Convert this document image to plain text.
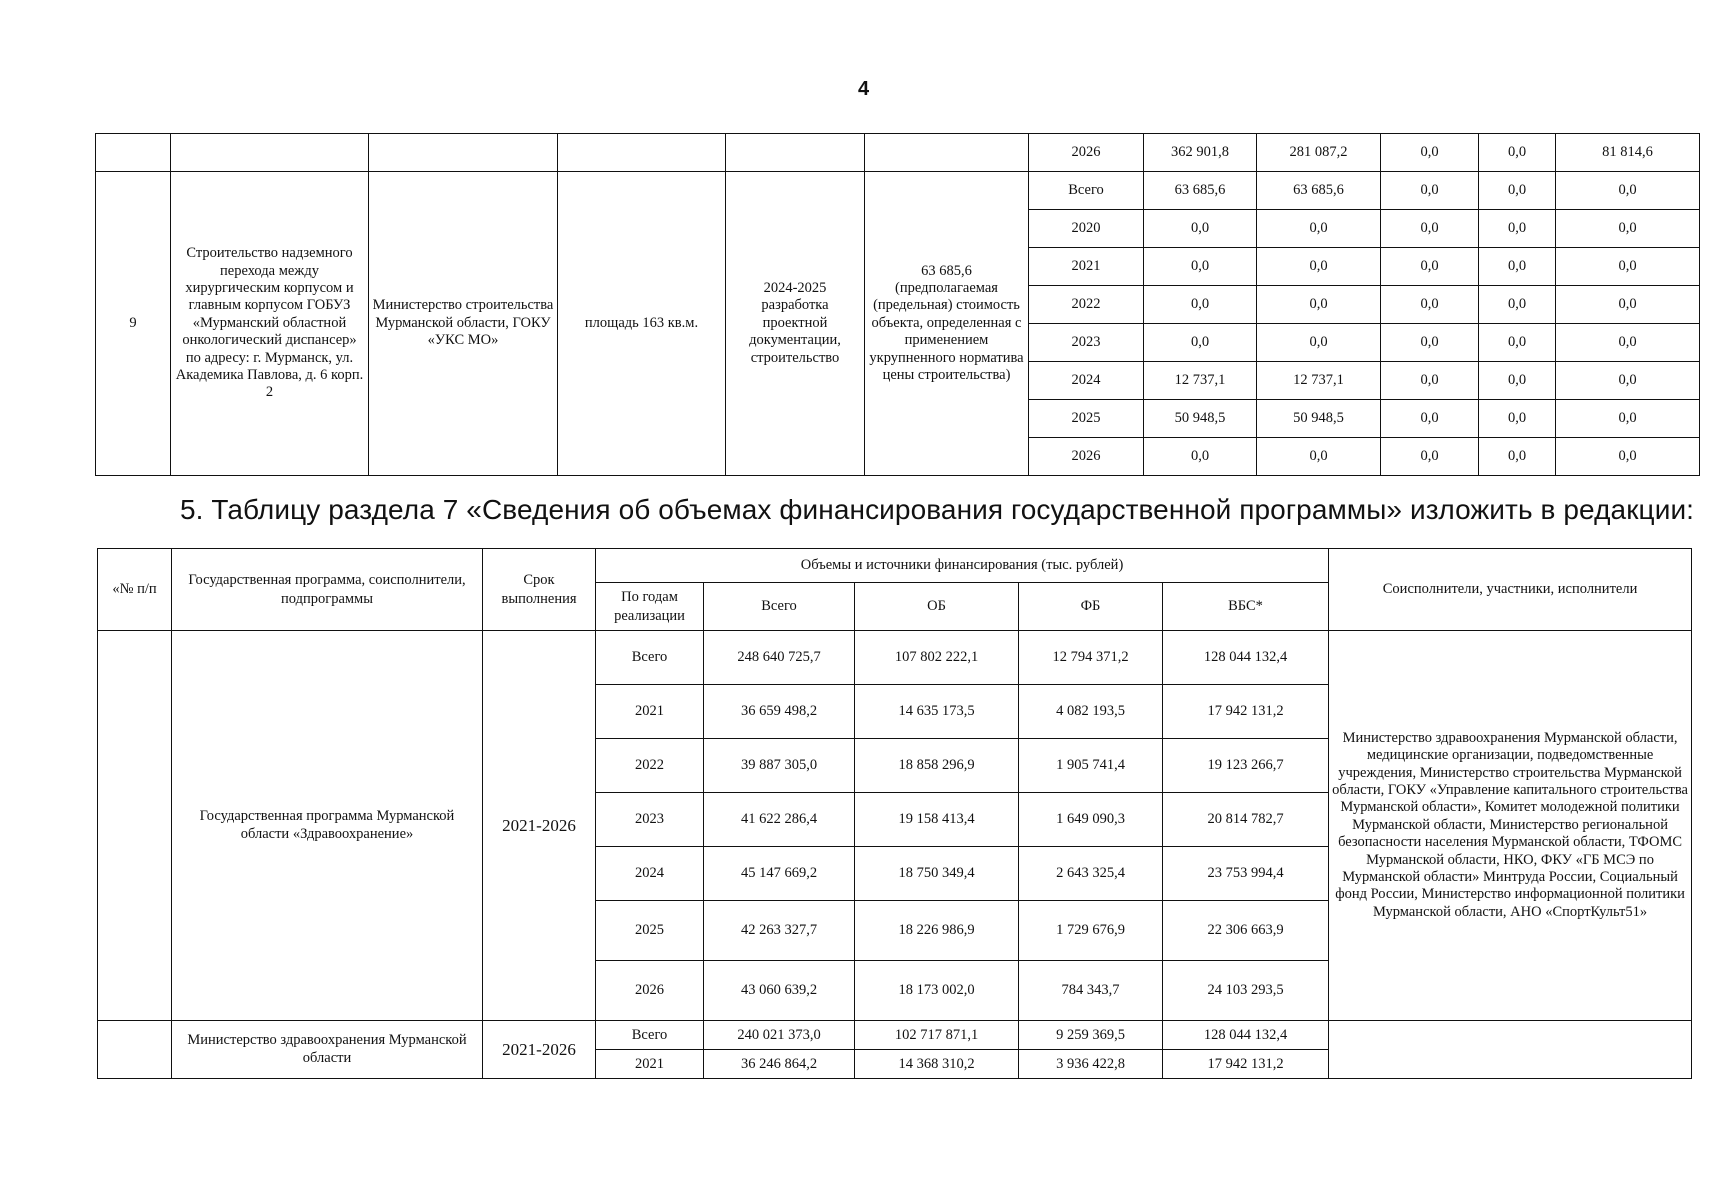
4
						2026	362 901,8	281 087,2	0,0	0,0	81 814,6
9	Строительство надземного перехода между хирургическим корпусом и главным корпусом ГОБУЗ «Мурманский областной онкологический диспансер» по адресу: г. Мурманск, ул. Академика Павлова, д. 6 корп. 2	Министерство строительства Мурманской области, ГОКУ «УКС МО»	площадь 163 кв.м.	2024-2025 разработка проектной документации, строительство	63 685,6 (предполагаемая (предельная) стоимость объекта, определенная с применением укрупненного норматива цены строительства)	Всего	63 685,6	63 685,6	0,0	0,0	0,0
						2020	0,0	0,0	0,0	0,0	0,0
						2021	0,0	0,0	0,0	0,0	0,0
						2022	0,0	0,0	0,0	0,0	0,0
						2023	0,0	0,0	0,0	0,0	0,0
						2024	12 737,1	12 737,1	0,0	0,0	0,0
						2025	50 948,5	50 948,5	0,0	0,0	0,0
						2026	0,0	0,0	0,0	0,0	0,0
5. Таблицу раздела 7 «Сведения об объемах финансирования государственной программы» изложить в редакции:
«№ п/п	Государственная программа, соисполнители, подпрограммы	Срок выполнения	Объемы и источники финансирования (тыс. рублей)					Соисполнители, участники, исполнители
			По годам реализации	Всего	ОБ	ФБ	ВБС*	
	Государственная программа Мурманской области «Здравоохранение»	2021-2026	Всего	248 640 725,7	107 802 222,1	12 794 371,2	128 044 132,4	Министерство здравоохранения Мурманской области, медицинские организации, подведомственные учреждения, Министерство строительства Мурманской области, ГОКУ «Управление капитального строительства Мурманской области», Комитет молодежной политики Мурманской области, Министерство региональной безопасности населения Мурманской области, ТФОМС Мурманской области, НКО, ФКУ «ГБ МСЭ по Мурманской области» Минтруда России, Социальный фонд России, Министерство информационной политики Мурманской области, АНО «СпортКульт51»
			2021	36 659 498,2	14 635 173,5	4 082 193,5	17 942 131,2	
			2022	39 887 305,0	18 858 296,9	1 905 741,4	19 123 266,7	
			2023	41 622 286,4	19 158 413,4	1 649 090,3	20 814 782,7	
			2024	45 147 669,2	18 750 349,4	2 643 325,4	23 753 994,4	
			2025	42 263 327,7	18 226 986,9	1 729 676,9	22 306 663,9	
			2026	43 060 639,2	18 173 002,0	784 343,7	24 103 293,5	
	Министерство здравоохранения Мурманской области	2021-2026	Всего	240 021 373,0	102 717 871,1	9 259 369,5	128 044 132,4	
			2021	36 246 864,2	14 368 310,2	3 936 422,8	17 942 131,2	
